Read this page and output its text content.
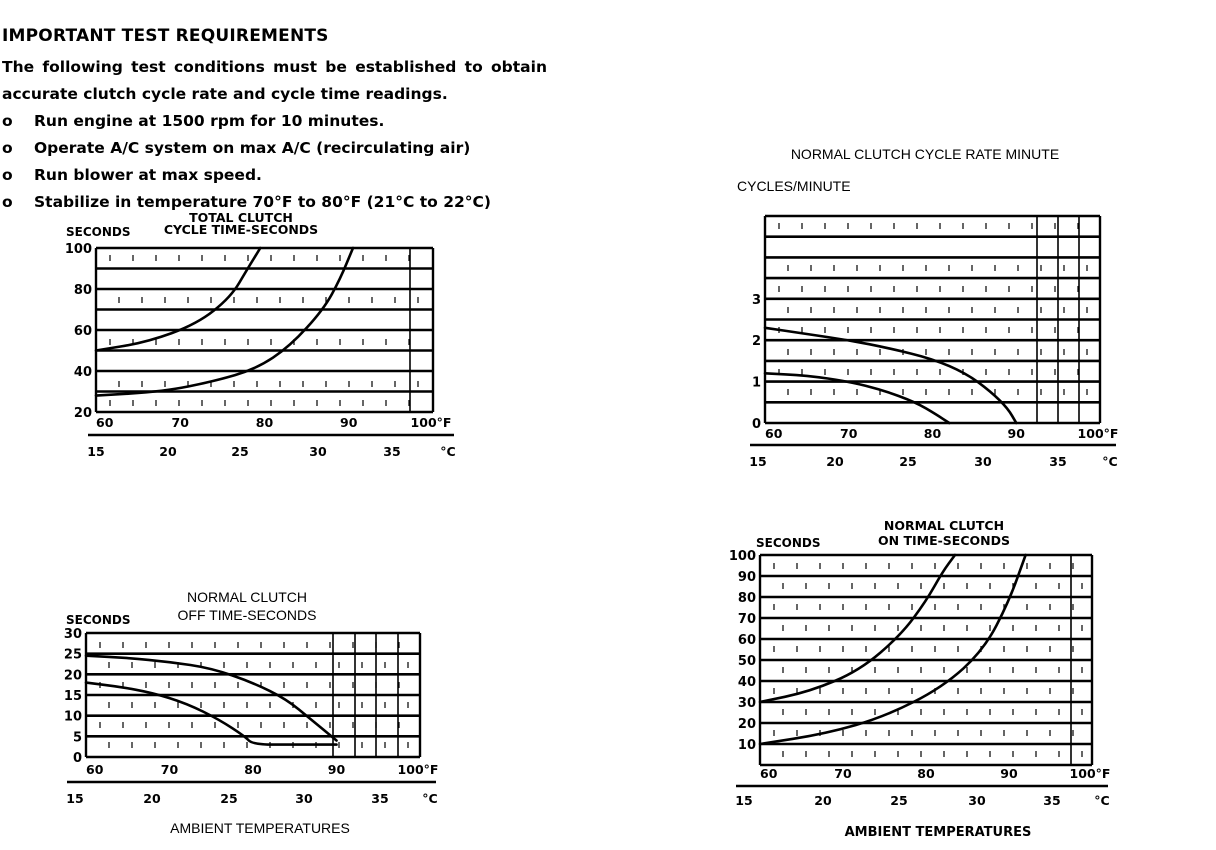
IMPORTANT TEST REQUIREMENTS

The following test conditions must be established to obtain accurate clutch cycle rate and cycle time readings.

o Run engine at 1500 rpm for 10 minutes.
o Operate A/C system on max A/C (recirculating air)
o Run blower at max speed.
o Stabilize in temperature 70°F to 80°F (21°C to 22°C)
TOTAL CLUTCH
CYCLE TIME-SECONDS
SECONDS
100
80
60
40
20
60	70	80	90	100°F
15	20	25	30	35	°C
NORMAL CLUTCH CYCLE RATE MINUTE
CYCLES/MINUTE
3
2
1
0
60	70	80	90	100°F
15	20	25	30	35	°C
NORMAL CLUTCH
OFF TIME-SECONDS
SECONDS
30
25
20
15
10
5
0
60	70	80	90	100°F
15	20	25	30	35	°C
AMBIENT TEMPERATURES
NORMAL CLUTCH
ON TIME-SECONDS
SECONDS
100
90
80
70
60
50
40
30
20
10
60	70	80	90	100°F
15	20	25	30	35	°C
AMBIENT TEMPERATURES
